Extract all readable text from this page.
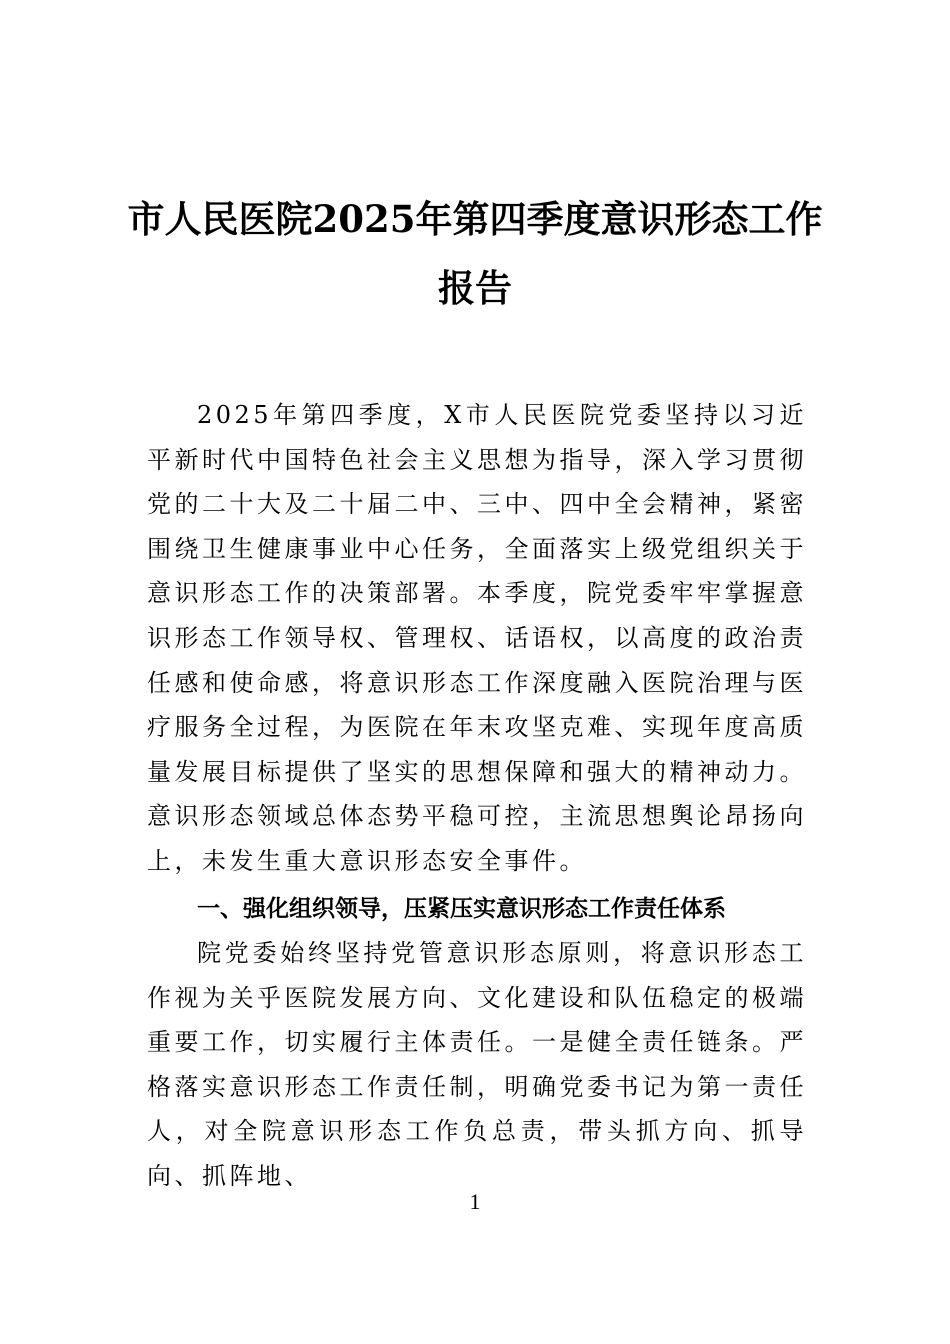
市人民医院2025年第四季度意识形态工作
报告

2025年第四季度，X市人民医院党委坚持以习近平新时代中国特色社会主义思想为指导，深入学习贯彻党的二十大及二十届二中、三中、四中全会精神，紧密围绕卫生健康事业中心任务，全面落实上级党组织关于意识形态工作的决策部署。本季度，院党委牢牢掌握意识形态工作领导权、管理权、话语权，以高度的政治责任感和使命感，将意识形态工作深度融入医院治理与医疗服务全过程，为医院在年末攻坚克难、实现年度高质量发展目标提供了坚实的思想保障和强大的精神动力。意识形态领域总体态势平稳可控，主流思想舆论昂扬向上，未发生重大意识形态安全事件。

一、强化组织领导，压紧压实意识形态工作责任体系

院党委始终坚持党管意识形态原则，将意识形态工作视为关乎医院发展方向、文化建设和队伍稳定的极端重要工作，切实履行主体责任。一是健全责任链条。严格落实意识形态工作责任制，明确党委书记为第一责任人，对全院意识形态工作负总责，带头抓方向、抓导向、抓阵地、

1
